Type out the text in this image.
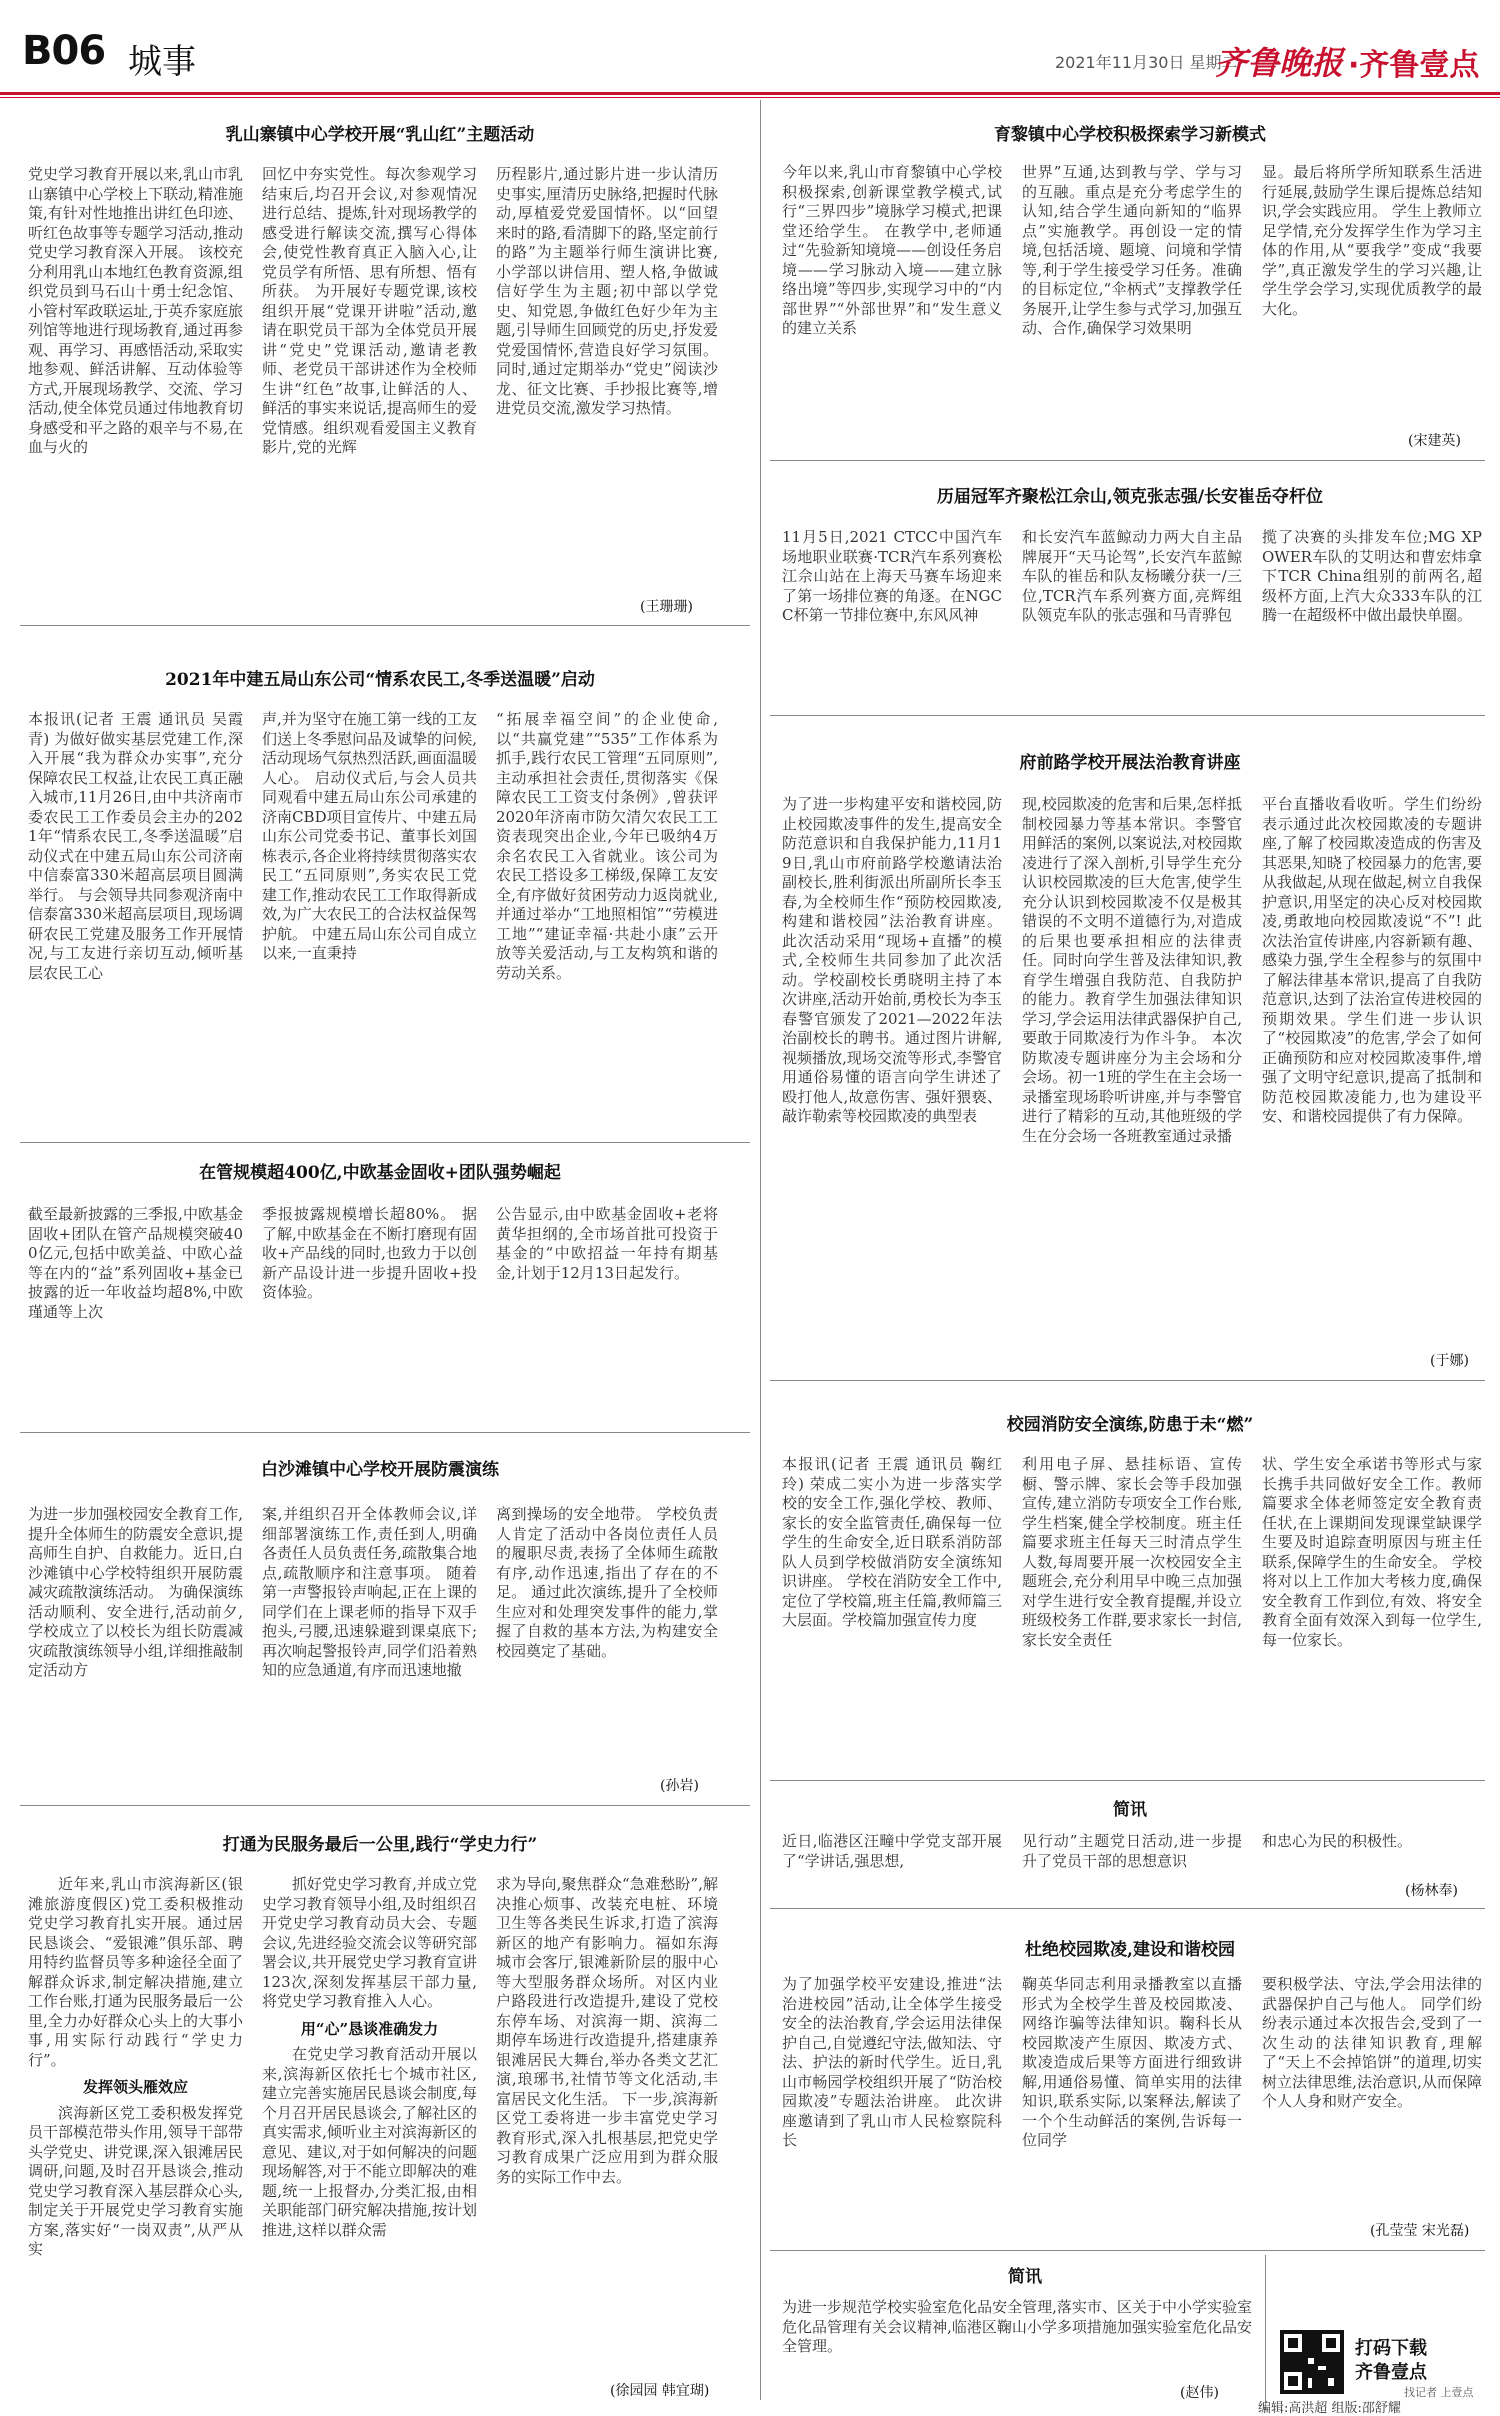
B06 城事	2021年11月30日 星期二
齐鲁晚报 ·齐鲁壹点
乳山寨镇中心学校开展“乳山红”主题活动
党史学习教育开展以来,乳山市乳山寨镇中心学校上下联动,精准施策,有针对性地推出讲红色印迹、听红色故事等专题学习活动,推动党史学习教育深入开展。 该校充分利用乳山本地红色教育资源,组织党员到马石山十勇士纪念馆、小管村军政联运址,于英乔家庭旅列馆等地进行现场教育,通过再参观、再学习、再感悟活动,采取实地参观、鲜活讲解、互动体验等方式,开展现场教学、交流、学习活动,使全体党员通过伟地教育切身感受和平之路的艰辛与不易,在血与火的
回忆中夯实党性。每次参观学习结束后,均召开会议,对参观情况进行总结、提炼,针对现场教学的感受进行解读交流,撰写心得体会,使党性教育真正入脑入心,让党员学有所悟、思有所想、悟有所获。 为开展好专题党课,该校组织开展“党课开讲啦”活动,邀请在职党员干部为全体党员开展讲“党史”党课活动,邀请老教师、老党员干部讲述作为全校师生讲“红色”故事,让鲜活的人、鲜活的事实来说话,提高师生的爱党情感。组织观看爱国主义教育影片,党的光辉
历程影片,通过影片进一步认清历史事实,厘清历史脉络,把握时代脉动,厚植爱党爱国情怀。以“回望来时的路,看清脚下的路,坚定前行的路”为主题举行师生演讲比赛,小学部以讲信用、塑人格,争做诚信好学生为主题;初中部以学党史、知党恩,争做红色好少年为主题,引导师生回顾党的历史,抒发爱党爱国情怀,营造良好学习氛围。同时,通过定期举办“党史”阅读沙龙、征文比赛、手抄报比赛等,增进党员交流,激发学习热情。
(王珊珊)
2021年中建五局山东公司“情系农民工,冬季送温暖”启动
本报讯(记者 王震 通讯员 吴霞青) 为做好做实基层党建工作,深入开展“我为群众办实事”,充分保障农民工权益,让农民工真正融入城市,11月26日,由中共济南市委农民工工作委员会主办的2021年“情系农民工,冬季送温暖”启动仪式在中建五局山东公司济南中信泰富330米超高层项目圆满举行。 与会领导共同参观济南中信泰富330米超高层项目,现场调研农民工党建及服务工作开展情况,与工友进行亲切互动,倾听基层农民工心
声,并为坚守在施工第一线的工友们送上冬季慰问品及诚挚的问候,活动现场气氛热烈活跃,画面温暖人心。 启动仪式后,与会人员共同观看中建五局山东公司承建的济南CBD项目宣传片、中建五局山东公司党委书记、董事长刘国栋表示,各企业将持续贯彻落实农民工“五同原则”,务实农民工党建工作,推动农民工工作取得新成效,为广大农民工的合法权益保驾护航。 中建五局山东公司自成立以来,一直秉持
“拓展幸福空间”的企业使命,以“共赢党建”“535”工作体系为抓手,践行农民工管理“五同原则”,主动承担社会责任,贯彻落实《保障农民工工资支付条例》,曾获评2020年济南市防欠清欠农民工工资表现突出企业,今年已吸纳4万余名农民工入省就业。该公司为农民工搭设多工梯级,保障工友安全,有序做好贫困劳动力返岗就业,并通过举办“工地照相馆”“劳模进工地”“建证幸福·共赴小康”云开放等关爱活动,与工友构筑和谐的劳动关系。
在管规模超400亿,中欧基金固收+团队强势崛起
截至最新披露的三季报,中欧基金固收+团队在管产品规模突破400亿元,包括中欧美益、中欧心益等在内的“益”系列固收+基金已披露的近一年收益均超8%,中欧瑾通等上次
季报披露规模增长超80%。 据了解,中欧基金在不断打磨现有固收+产品线的同时,也致力于以创新产品设计进一步提升固收+投资体验。
公告显示,由中欧基金固收+老将黄华担纲的,全市场首批可投资于基金的“中欧招益一年持有期基金,计划于12月13日起发行。
白沙滩镇中心学校开展防震演练
为进一步加强校园安全教育工作,提升全体师生的防震安全意识,提高师生自护、自救能力。近日,白沙滩镇中心学校特组织开展防震减灾疏散演练活动。 为确保演练活动顺利、安全进行,活动前夕,学校成立了以校长为组长防震减灾疏散演练领导小组,详细推敲制定活动方
案,并组织召开全体教师会议,详细部署演练工作,责任到人,明确各责任人员负责任务,疏散集合地点,疏散顺序和注意事项。 随着第一声警报铃声响起,正在上课的同学们在上课老师的指导下双手抱头,弓腰,迅速躲避到课桌底下;再次响起警报铃声,同学们沿着熟知的应急通道,有序而迅速地撤
离到操场的安全地带。 学校负责人肯定了活动中各岗位责任人员的履职尽责,表扬了全体师生疏散有序,动作迅速,指出了存在的不足。 通过此次演练,提升了全校师生应对和处理突发事件的能力,掌握了自救的基本方法,为构建安全校园奠定了基础。
(孙岩)
打通为民服务最后一公里,践行“学史力行”

近年来,乳山市滨海新区(银滩旅游度假区)党工委积极推动党史学习教育扎实开展。通过居民恳谈会、“爱银滩”俱乐部、聘用特约监督员等多种途径全面了解群众诉求,制定解决措施,建立工作台账,打通为民服务最后一公里,全力办好群众心头上的大事小事,用实际行动践行“学史力行”。

发挥领头雁效应

滨海新区党工委积极发挥党员干部模范带头作用,领导干部带头学党史、讲党课,深入银滩居民调研,问题,及时召开恳谈会,推动党史学习教育深入基层群众心头,制定关于开展党史学习教育实施方案,落实好“一岗双责”,从严从实

抓好党史学习教育,并成立党史学习教育领导小组,及时组织召开党史学习教育动员大会、专题会议,先进经验交流会议等研究部署会议,共开展党史学习教育宣讲123次,深刻发挥基层干部力量,将党史学习教育推入人心。

用“心”恳谈准确发力

在党史学习教育活动开展以来,滨海新区依托七个城市社区,建立完善实施居民恳谈会制度,每个月召开居民恳谈会,了解社区的真实需求,倾听业主对滨海新区的意见、建议,对于如何解决的问题现场解答,对于不能立即解决的难题,统一上报督办,分类汇报,由相关职能部门研究解决措施,按计划推进,这样以群众需

求为导向,聚焦群众“急难愁盼”,解决推心烦事、改装充电桩、环境卫生等各类民生诉求,打造了滨海新区的地产有影响力。福如东海城市会客厅,银滩新阶层的服中心等大型服务群众场所。对区内业户路段进行改造提升,建设了党校东停车场、对滨海一期、滨海二期停车场进行改造提升,搭建康养银滩居民大舞台,举办各类文艺汇演,琅琊书,社情节等文化活动,丰富居民文化生活。 下一步,滨海新区党工委将进一步丰富党史学习教育形式,深入扎根基层,把党史学习教育成果广泛应用到为群众服务的实际工作中去。
(徐园园 韩宜瑚)
育黎镇中心学校积极探索学习新模式
今年以来,乳山市育黎镇中心学校积极探索,创新课堂教学模式,试行“三界四步”境脉学习模式,把课堂还给学生。 在教学中,老师通过“先验新知境境——创设任务启境——学习脉动入境——建立脉络出境”等四步,实现学习中的“内部世界”“外部世界”和“发生意义的建立关系
世界”互通,达到教与学、学与习的互融。重点是充分考虑学生的认知,结合学生通向新知的“临界点”实施教学。再创设一定的情境,包括活境、题境、问境和学情等,利于学生接受学习任务。准确的目标定位,“伞柄式”支撑教学任务展开,让学生参与式学习,加强互动、合作,确保学习效果明
显。最后将所学所知联系生活进行延展,鼓励学生课后提炼总结知识,学会实践应用。 学生上教师立足学情,充分发挥学生作为学习主体的作用,从“要我学”变成“我要学”,真正激发学生的学习兴趣,让学生学会学习,实现优质教学的最大化。
(宋建英)
历届冠军齐聚松江佘山,领克张志强/长安崔岳夺杆位
11月5日,2021 CTCC中国汽车场地职业联赛·TCR汽车系列赛松江佘山站在上海天马赛车场迎来了第一场排位赛的角逐。在NGCC杯第一节排位赛中,东风风神
和长安汽车蓝鲸动力两大自主品牌展开“天马论驾”,长安汽车蓝鲸车队的崔岳和队友杨曦分获一/三位,TCR汽车系列赛方面,亮辉组队领克车队的张志强和马青骅包
揽了决赛的头排发车位;MG XPOWER车队的艾明达和曹宏炜拿下TCR China组别的前两名,超级杯方面,上汽大众333车队的江腾一在超级杯中做出最快单圈。
府前路学校开展法治教育讲座
为了进一步构建平安和谐校园,防止校园欺凌事件的发生,提高安全防范意识和自我保护能力,11月19日,乳山市府前路学校邀请法治副校长,胜利街派出所副所长李玉春,为全校师生作“预防校园欺凌,构建和谐校园”法治教育讲座。 此次活动采用“现场+直播”的模式,全校师生共同参加了此次活动。学校副校长勇晓明主持了本次讲座,活动开始前,勇校长为李玉春警官颁发了2021—2022年法治副校长的聘书。通过图片讲解,视频播放,现场交流等形式,李警官用通俗易懂的语言向学生讲述了殴打他人,故意伤害、强奸猥亵、敲诈勒索等校园欺凌的典型表
现,校园欺凌的危害和后果,怎样抵制校园暴力等基本常识。李警官用鲜活的案例,以案说法,对校园欺凌进行了深入剖析,引导学生充分认识校园欺凌的巨大危害,使学生充分认识到校园欺凌不仅是极其错误的不文明不道德行为,对造成的后果也要承担相应的法律责任。同时向学生普及法律知识,教育学生增强自我防范、自我防护的能力。教育学生加强法律知识学习,学会运用法律武器保护自己,要敢于同欺凌行为作斗争。 本次防欺凌专题讲座分为主会场和分会场。初一1班的学生在主会场一录播室现场聆听讲座,并与李警官进行了精彩的互动,其他班级的学生在分会场一各班教室通过录播
平台直播收看收听。学生们纷纷表示通过此次校园欺凌的专题讲座,了解了校园欺凌造成的伤害及其恶果,知晓了校园暴力的危害,要从我做起,从现在做起,树立自我保护意识,用坚定的决心反对校园欺凌,勇敢地向校园欺凌说“不”! 此次法治宣传讲座,内容新颖有趣、感染力强,学生全程参与的氛围中了解法律基本常识,提高了自我防范意识,达到了法治宣传进校园的预期效果。学生们进一步认识了“校园欺凌”的危害,学会了如何正确预防和应对校园欺凌事件,增强了文明守纪意识,提高了抵制和防范校园欺凌能力,也为建设平安、和谐校园提供了有力保障。
(于娜)
校园消防安全演练,防患于未“燃”
本报讯(记者 王震 通讯员 鞠红玲) 荣成二实小为进一步落实学校的安全工作,强化学校、教师、家长的安全监管责任,确保每一位学生的生命安全,近日联系消防部队人员到学校做消防安全演练知识讲座。 学校在消防安全工作中,定位了学校篇,班主任篇,教师篇三大层面。学校篇加强宣传力度
利用电子屏、悬挂标语、宣传橱、警示牌、家长会等手段加强宣传,建立消防专项安全工作台账,学生档案,健全学校制度。班主任篇要求班主任每天三时清点学生人数,每周要开展一次校园安全主题班会,充分利用早中晚三点加强对学生进行安全教育提醒,并设立班级校务工作群,要求家长一封信,家长安全责任
状、学生安全承诺书等形式与家长携手共同做好安全工作。教师篇要求全体老师签定安全教育责任状,在上课期间发现课堂缺课学生要及时追踪查明原因与班主任联系,保障学生的生命安全。 学校将对以上工作加大考核力度,确保安全教育工作到位,有效、将安全教育全面有效深入到每一位学生,每一位家长。
简讯
近日,临港区汪疃中学党支部开展了“学讲话,强思想,
见行动”主题党日活动,进一步提升了党员干部的思想意识
和忠心为民的积极性。
(杨林奉)
杜绝校园欺凌,建设和谐校园
为了加强学校平安建设,推进“法治进校园”活动,让全体学生接受安全的法治教育,学会运用法律保护自己,自觉遵纪守法,做知法、守法、护法的新时代学生。近日,乳山市畅园学校组织开展了“防治校园欺凌”专题法治讲座。 此次讲座邀请到了乳山市人民检察院科长
鞠英华同志利用录播教室以直播形式为全校学生普及校园欺凌、网络诈骗等法律知识。鞠科长从校园欺凌产生原因、欺凌方式、欺凌造成后果等方面进行细致讲解,用通俗易懂、简单实用的法律知识,联系实际,以案释法,解读了一个个生动鲜活的案例,告诉每一位同学
要积极学法、守法,学会用法律的武器保护自己与他人。 同学们纷纷表示通过本次报告会,受到了一次生动的法律知识教育,理解了“天上不会掉馅饼”的道理,切实树立法律思维,法治意识,从而保障个人人身和财产安全。
(孔莹莹 宋光磊)
简讯
为进一步规范学校实验室危化品安全管理,落实市、区关于中小学实验室危化品管理有关会议精神,临港区鞠山小学多项措施加强实验室危化品安全管理。
(赵伟)
打码下载
齐鲁壹点
找记者 上壹点
编辑:高洪超 组版:邵舒耀
